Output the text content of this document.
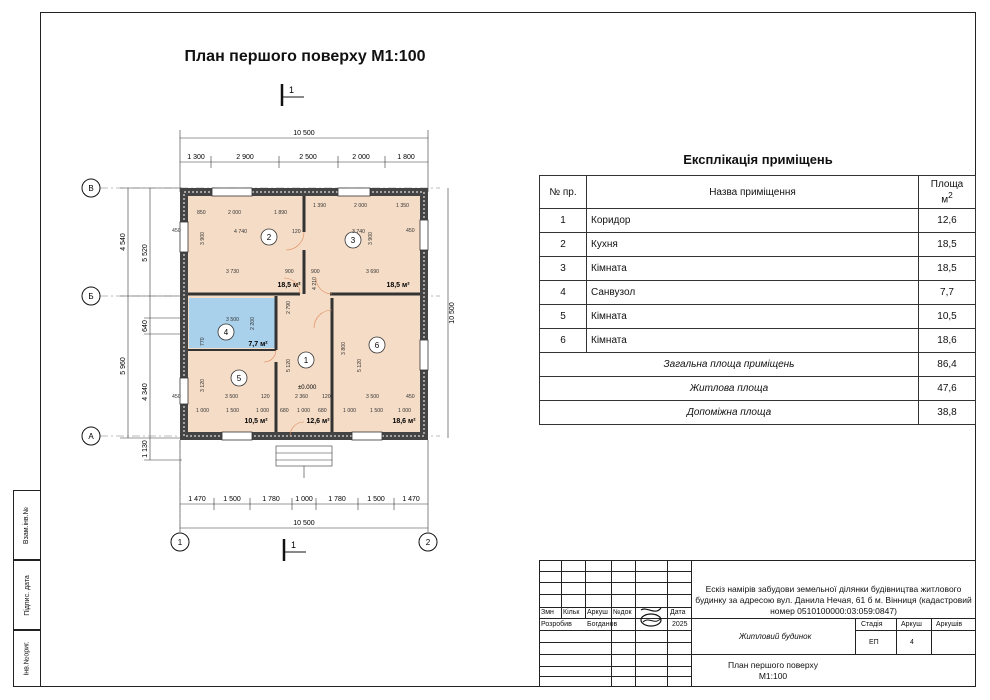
Взам.інв.№
Підпис. дата
Інв.№ориг.
План першого поверху М1:100
1
1
10 500
1 300	2 900	2 500	2 000	1 800
1 470 1 500	1 780 1 000 1 780	1 500 1 470
10 500
4 540
5 960
5 520
640
4 340
1 130
10 500
В
Б
А
1	2
2	3
1
4
5
6
18,5 м²	18,5 м²
7,7 м²
10,5 м²	12,6 м²	18,6 м²
±0.000
850	2 000	1 890
4 740
3 730
1 390	2 000	1 350
3 740
3 690
900	900
3 500	2 360	3 500
1 000	1 500	1 000 680 1 000 680	1 000	1 500	1 000
450
450
450
450
120
120	120
3 900	3 900
4 210
5 120	5 120
2 790
3 800
3 500 2 200
770
3 120
Експлікація приміщень
№ пр.	Назва приміщення	Площа
$м^2$
1	Коридор	12,6
2	Кухня	18,5
3	Кімната	18,5
4	Санвузол	7,7
5	Кімната	10,5
6	Кімната	18,6
Загальна площа приміщень		86,4
Житлова площа		47,6
Допоміжна площа		38,8
Змн Кільк Аркуш №док	Дата
Розробив Богданов	2025
Ескіз намірів забудови земельної ділянки будівництва житлового будинку за адресою вул. Данила Нечая, 61 б м. Вінниця (кадастровий номер 0510100000:03:059:0847)
Житловий будинок
Стадія	Аркуш Аркушів
ЕП	4
План першого поверху
М1:100
